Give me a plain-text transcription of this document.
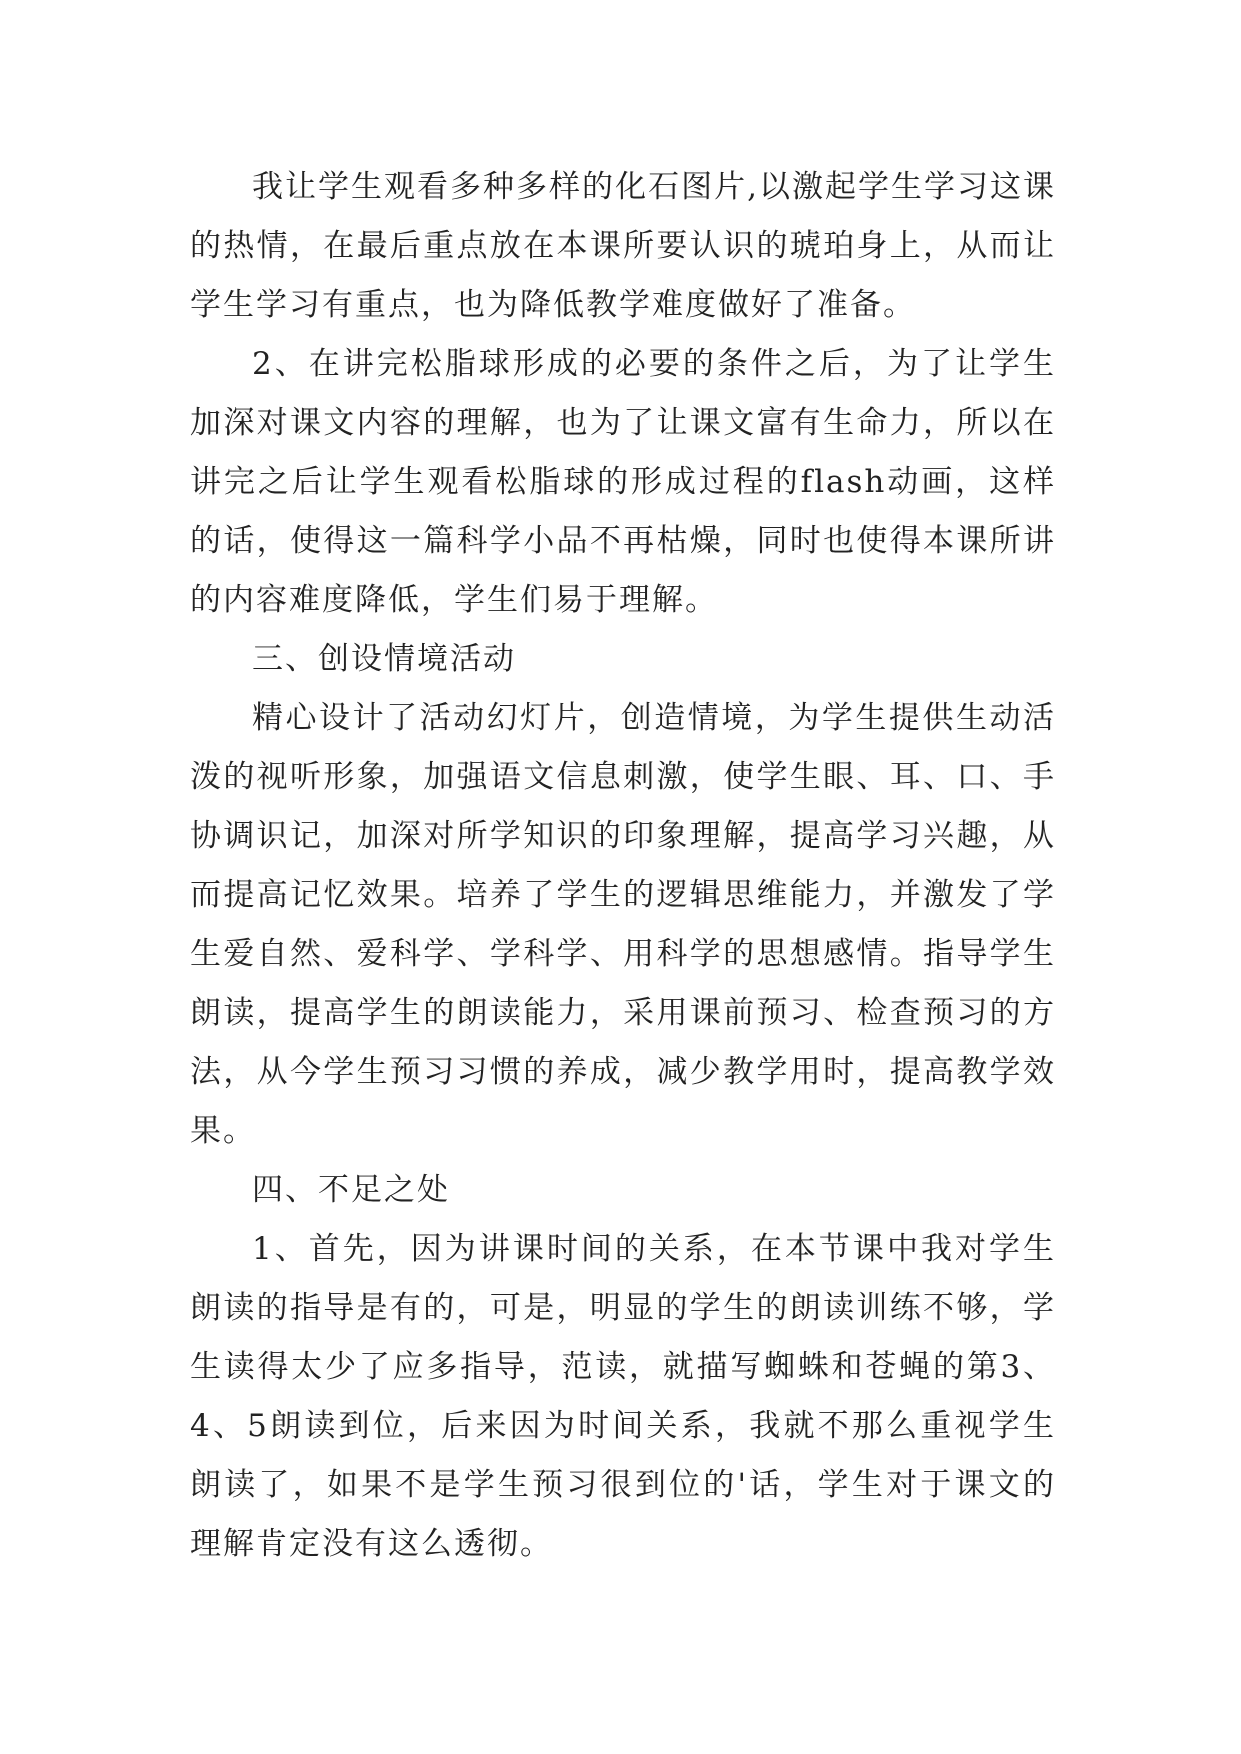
我让学生观看多种多样的化石图片,以激起学生学习这课的热情，在最后重点放在本课所要认识的琥珀身上，从而让学生学习有重点，也为降低教学难度做好了准备。

2、在讲完松脂球形成的必要的条件之后，为了让学生加深对课文内容的理解，也为了让课文富有生命力，所以在讲完之后让学生观看松脂球的形成过程的flash动画，这样的话，使得这一篇科学小品不再枯燥，同时也使得本课所讲的内容难度降低，学生们易于理解。

三、创设情境活动

精心设计了活动幻灯片，创造情境，为学生提供生动活泼的视听形象，加强语文信息刺激，使学生眼、耳、口、手协调识记，加深对所学知识的印象理解，提高学习兴趣，从而提高记忆效果。培养了学生的逻辑思维能力，并激发了学生爱自然、爱科学、学科学、用科学的思想感情。指导学生朗读，提高学生的朗读能力，采用课前预习、检查预习的方法，从今学生预习习惯的养成，减少教学用时，提高教学效果。

四、不足之处

1、首先，因为讲课时间的关系，在本节课中我对学生朗读的指导是有的，可是，明显的学生的朗读训练不够，学生读得太少了应多指导，范读，就描写蜘蛛和苍蝇的第3、4、5朗读到位，后来因为时间关系，我就不那么重视学生朗读了，如果不是学生预习很到位的'话，学生对于课文的理解肯定没有这么透彻。
